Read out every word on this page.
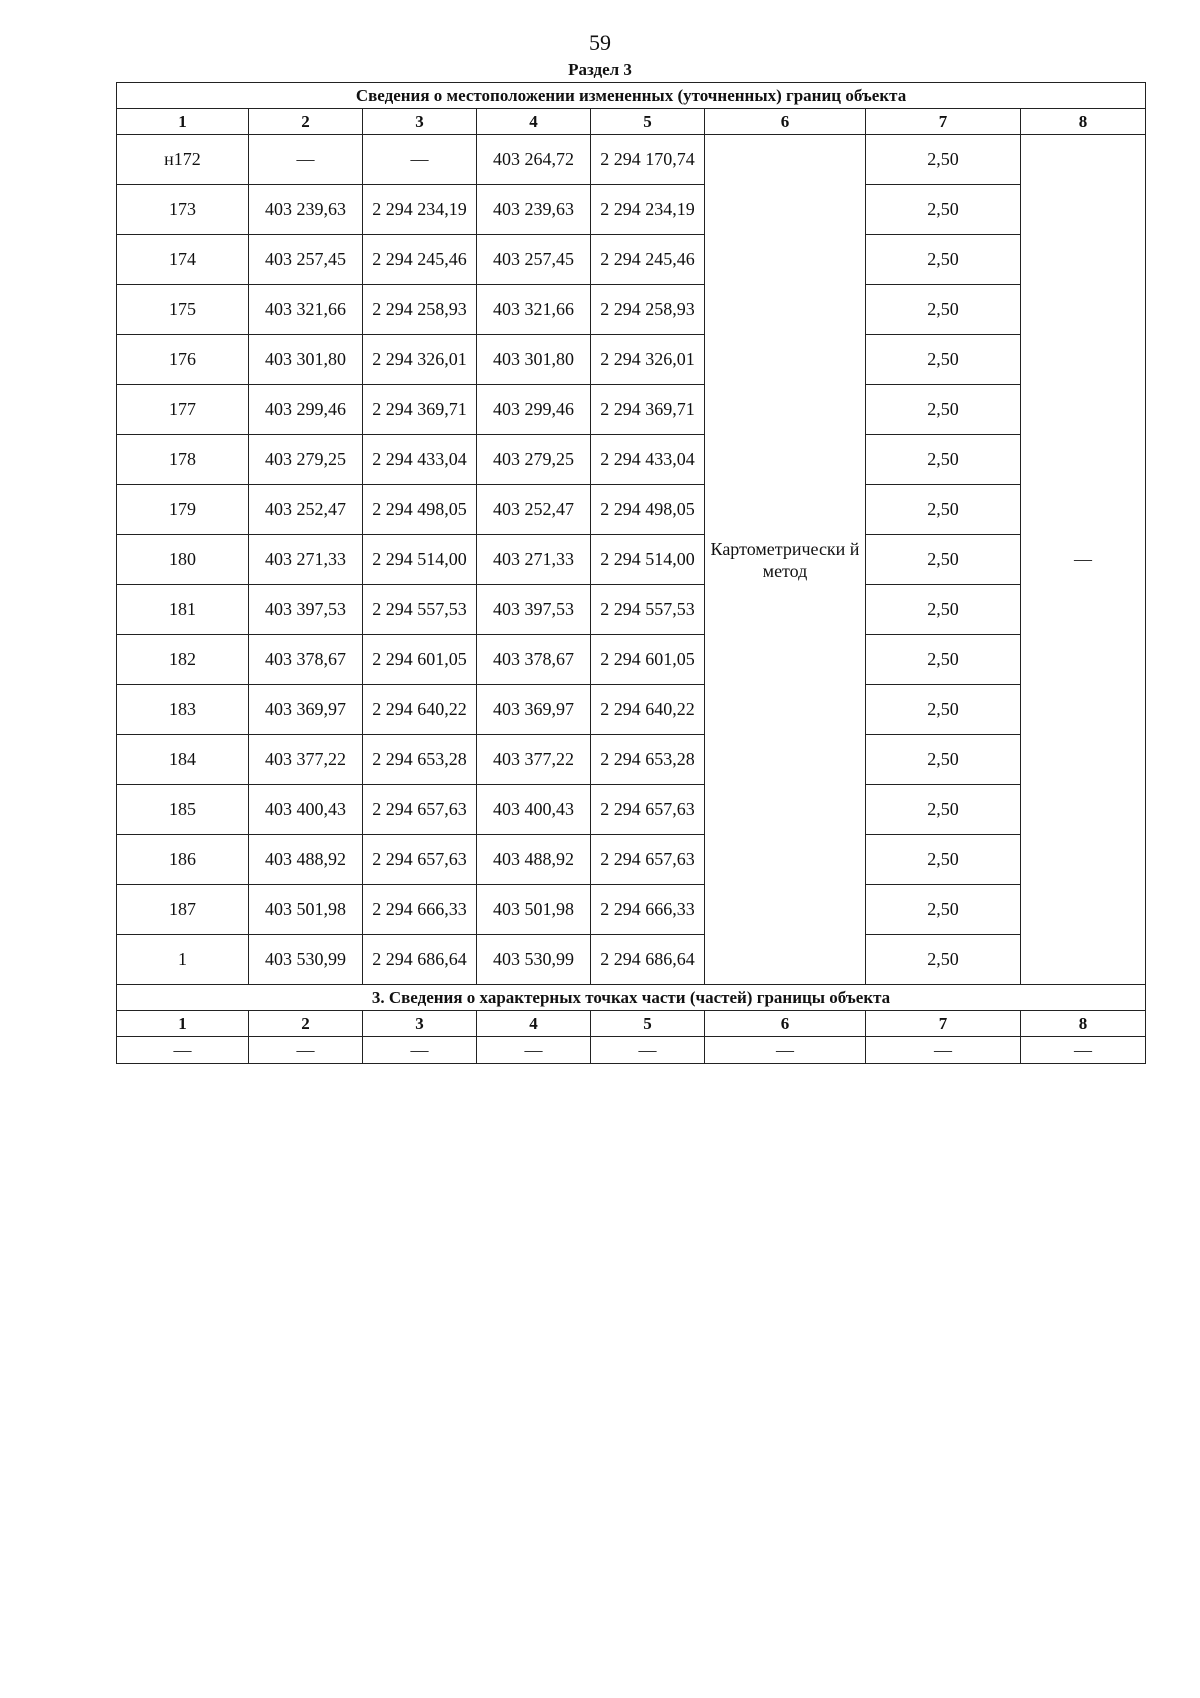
59
Раздел 3
Сведения о местоположении измененных (уточненных) границ объекта							
1	2	3	4	5	6	7	8
н172	—	—	403 264,72	2 294 170,74	Картометрически й метод	2,50	—
173	403 239,63	2 294 234,19	403 239,63	2 294 234,19		2,50	
174	403 257,45	2 294 245,46	403 257,45	2 294 245,46		2,50	
175	403 321,66	2 294 258,93	403 321,66	2 294 258,93		2,50	
176	403 301,80	2 294 326,01	403 301,80	2 294 326,01		2,50	
177	403 299,46	2 294 369,71	403 299,46	2 294 369,71		2,50	
178	403 279,25	2 294 433,04	403 279,25	2 294 433,04		2,50	
179	403 252,47	2 294 498,05	403 252,47	2 294 498,05		2,50	
180	403 271,33	2 294 514,00	403 271,33	2 294 514,00		2,50	
181	403 397,53	2 294 557,53	403 397,53	2 294 557,53		2,50	
182	403 378,67	2 294 601,05	403 378,67	2 294 601,05		2,50	
183	403 369,97	2 294 640,22	403 369,97	2 294 640,22		2,50	
184	403 377,22	2 294 653,28	403 377,22	2 294 653,28		2,50	
185	403 400,43	2 294 657,63	403 400,43	2 294 657,63		2,50	
186	403 488,92	2 294 657,63	403 488,92	2 294 657,63		2,50	
187	403 501,98	2 294 666,33	403 501,98	2 294 666,33		2,50	
1	403 530,99	2 294 686,64	403 530,99	2 294 686,64		2,50	
3. Сведения о характерных точках части (частей) границы объекта							
1	2	3	4	5	6	7	8
—	—	—	—	—	—	—	—
